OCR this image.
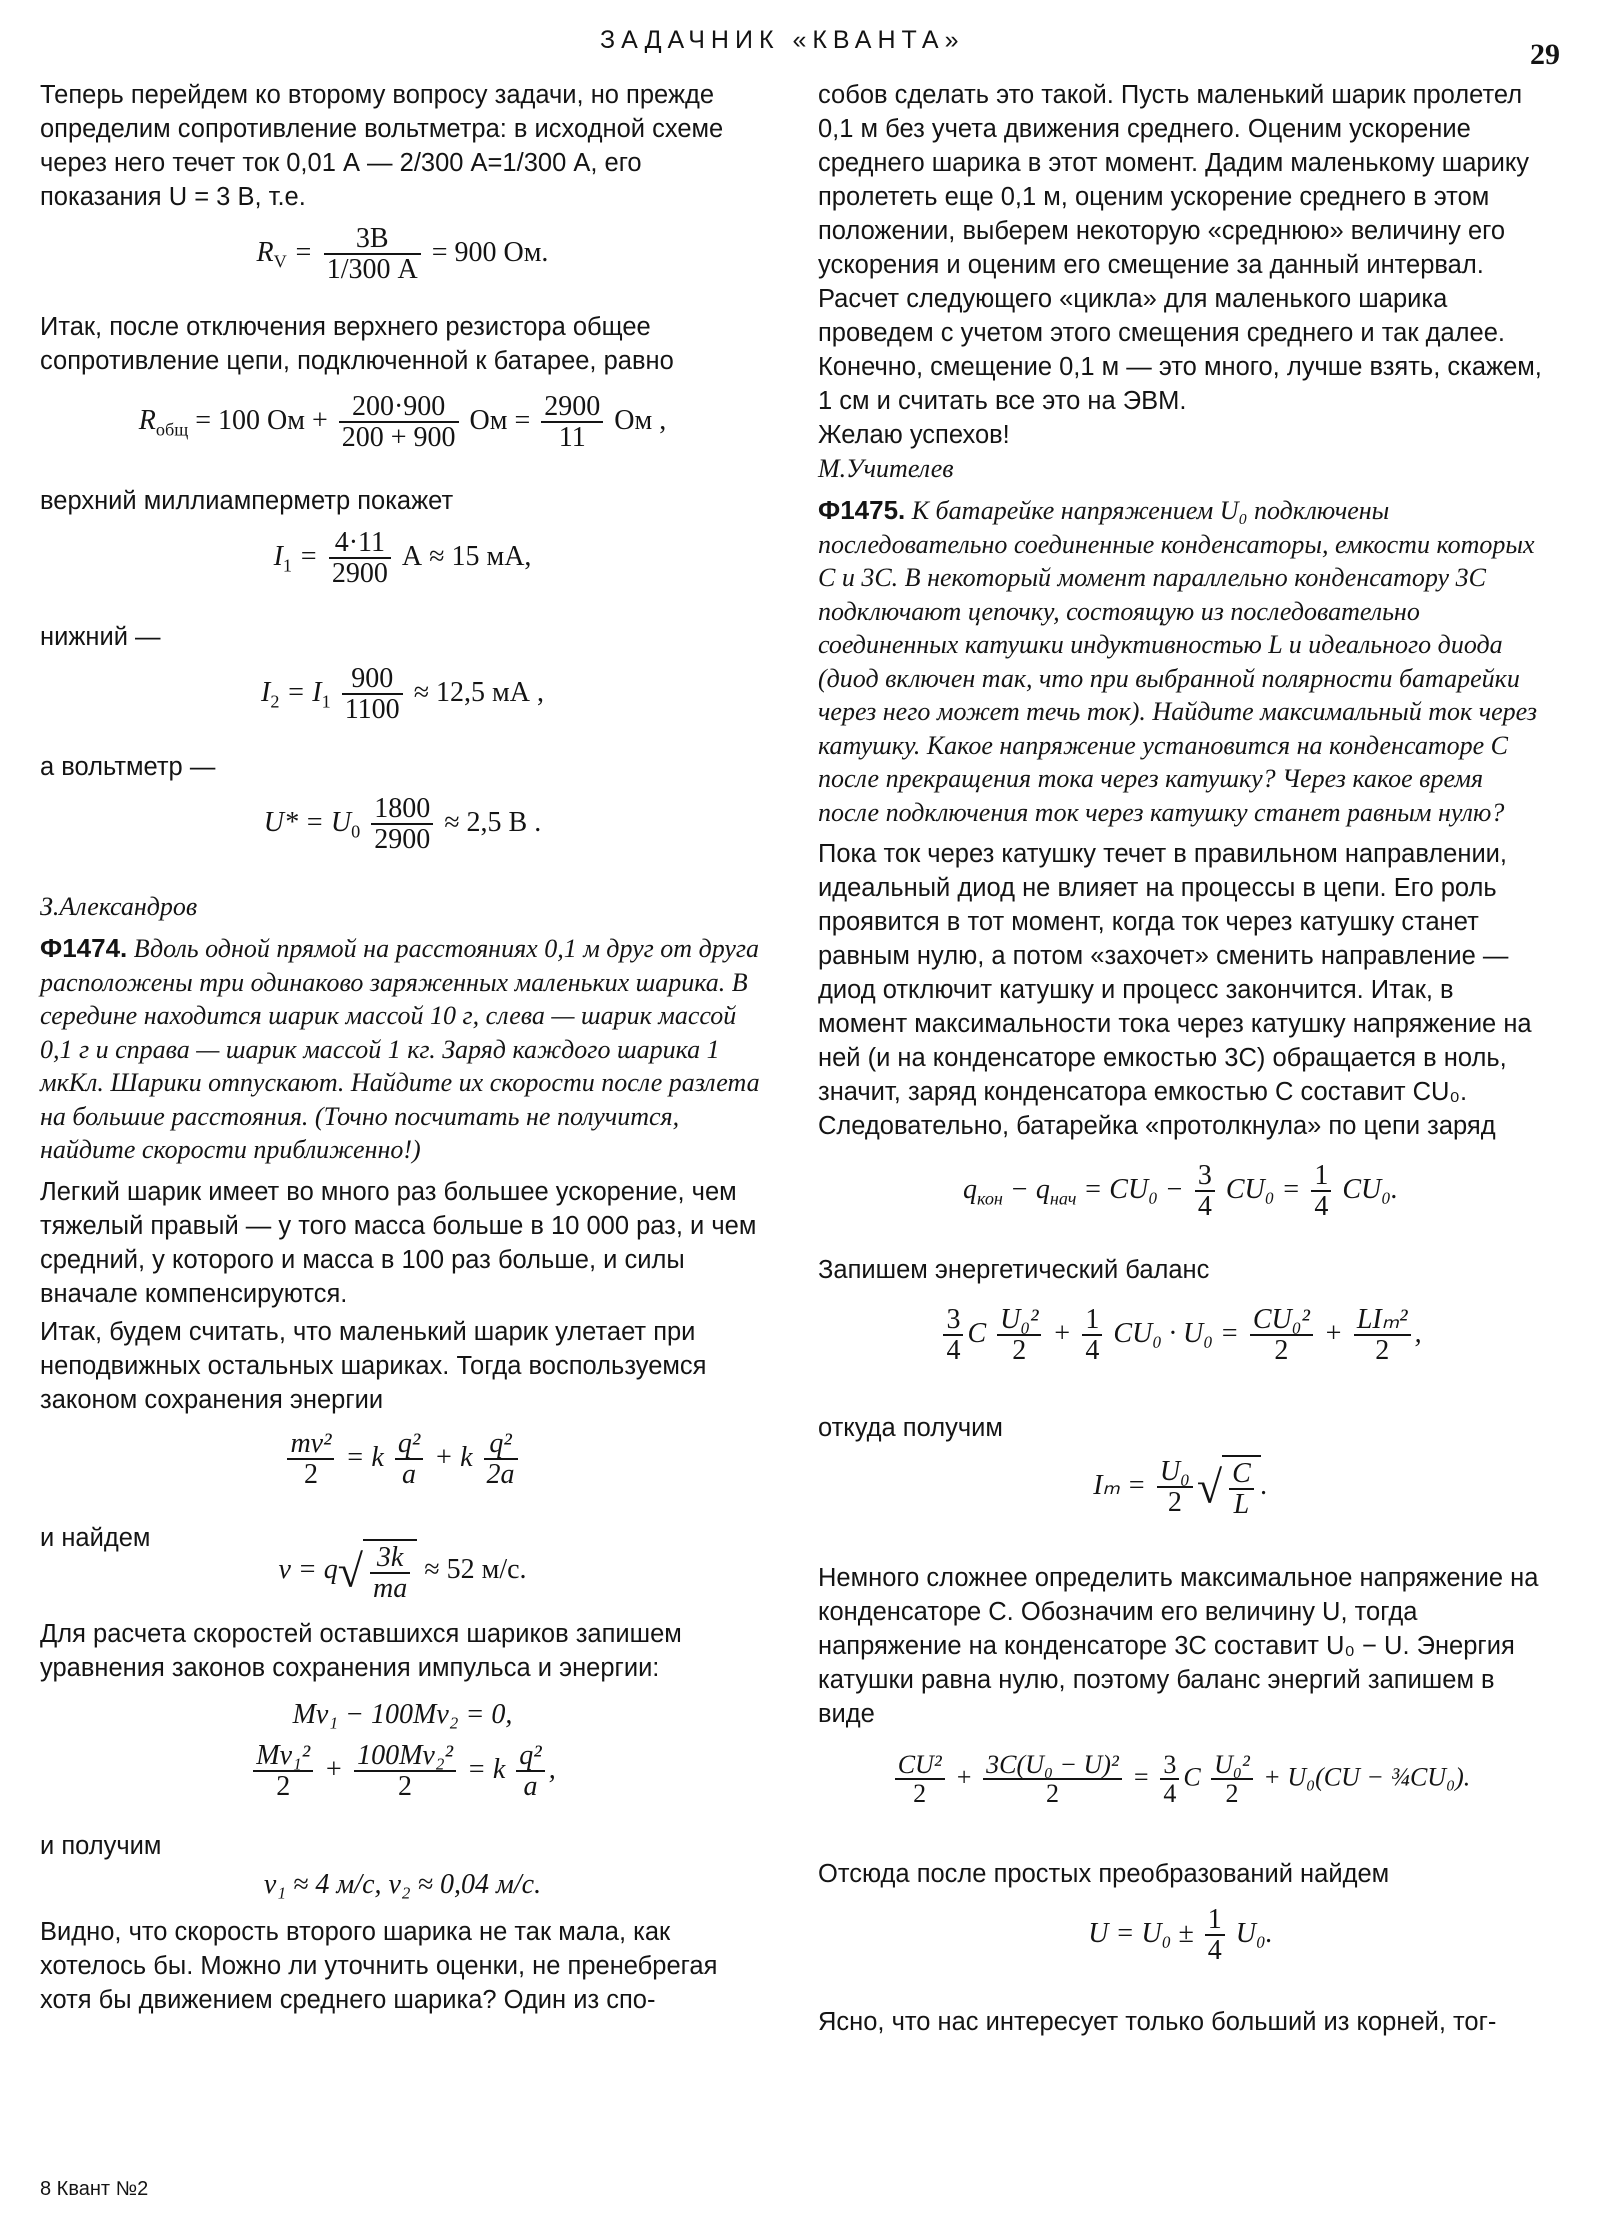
ЗАДАЧНИК «КВАНТА»	29

Теперь перейдем ко второму вопросу задачи, но прежде определим сопротивление вольтметра: в исходной схеме через него течет ток 0,01 А — 2/300 А=1/300 А, его показания U = 3 В, т.е.

$R_V = \frac{3В}{1/300 А} = 900$ Ом.

Итак, после отключения верхнего резистора общее сопротивление цепи, подключенной к батарее, равно

$R_{общ} = 100$ Ом + $\frac{200\cdot 900}{200 + 900}$ Ом = $\frac{2900}{11}$ Ом ,

верхний миллиамперметр покажет

$I_1 = \frac{4\cdot 11}{2900}$ А ≈ 15 мА,

нижний —

$I_2 = I_1 \frac{900}{1100} \approx 12,5$ мА ,

а вольтметр —

$U* = U_0 \frac{1800}{2900} \approx 2,5$ В .

З.Александров

Ф1474. Вдоль одной прямой на расстояниях 0,1 м друг от друга расположены три одинаково заряженных маленьких шарика. В середине находится шарик массой 10 г, слева — шарик массой 0,1 г и справа — шарик массой 1 кг. Заряд каждого шарика 1 мкКл. Шарики отпускают. Найдите их скорости после разлета на большие расстояния. (Точно посчитать не получится, найдите скорости приближенно!)

Легкий шарик имеет во много раз большее ускорение, чем тяжелый правый — у того масса больше в 10 000 раз, и чем средний, у которого и масса в 100 раз больше, и силы вначале компенсируются.

Итак, будем считать, что маленький шарик улетает при неподвижных остальных шариках. Тогда воспользуемся законом сохранения энергии

$\frac{\text{mv²}}{2} = k \frac{\text{q²}}{a} + k \frac{\text{q²}}{2a}$

и найдем

$v = q√ \frac{3k}{ma} \approx 52$ м/с.

Для расчета скоростей оставшихся шариков запишем уравнения законов сохранения импульса и энергии:

Mv₁ − 100Mv₂ = 0,
$\frac{\text{Mv₁²}}{2} + \frac{\text{100Mv₂²}}{2} = k \frac{\text{q²}}{a}$ ,

и получим

v₁ ≈ 4 м/с, v₂ ≈ 0,04 м/с.

Видно, что скорость второго шарика не так мала, как хотелось бы. Можно ли уточнить оценки, не пренебрегая хотя бы движением среднего шарика? Один из спо-

собов сделать это такой. Пусть маленький шарик пролетел 0,1 м без учета движения среднего. Оценим ускорение среднего шарика в этот момент. Дадим маленькому шарику пролететь еще 0,1 м, оценим ускорение среднего в этом положении, выберем некоторую «среднюю» величину его ускорения и оценим его смещение за данный интервал. Расчет следующего «цикла» для маленького шарика проведем с учетом этого смещения среднего и так далее. Конечно, смещение 0,1 м — это много, лучше взять, скажем, 1 см и считать все это на ЭВМ.

Желаю успехов!

М.Учителев

Ф1475. К батарейке напряжением U₀ подключены последовательно соединенные конденсаторы, емкости которых C и 3C. В некоторый момент параллельно конденсатору 3C подключают цепочку, состоящую из последовательно соединенных катушки индуктивностью L и идеального диода (диод включен так, что при выбранной полярности батарейки через него может течь ток). Найдите максимальный ток через катушку. Какое напряжение установится на конденсаторе C после прекращения тока через катушку? Через какое время после подключения ток через катушку станет равным нулю?

Пока ток через катушку течет в правильном направлении, идеальный диод не влияет на процессы в цепи. Его роль проявится в тот момент, когда ток через катушку станет равным нулю, а потом «захочет» сменить направление — диод отключит катушку и процесс закончится. Итак, в момент максимальности тока через катушку напряжение на ней (и на конденсаторе емкостью 3C) обращается в ноль, значит, заряд конденсатора емкостью C составит CU₀. Следовательно, батарейка «протолкнула» по цепи заряд

$q_{кон} - q_{нач} = CU_0 - \frac{3}{4} CU_0 = \frac{1}{4} CU_0$.

Запишем энергетический баланс

$\frac{3}{4}$ C $\frac{\text{U₀²}}{2} + \frac{1}{4} CU_0 \cdot U_0 = \frac{\text{CU₀²}}{2} + \frac{\text{LIₘ²}}{2}$ ,

откуда получим

$I_m = \frac{\text{U₀}}{2}$ √ $\frac{C}{L}$ .

Немного сложнее определить максимальное напряжение на конденсаторе C. Обозначим его величину U, тогда напряжение на конденсаторе 3C составит U₀ − U. Энергия катушки равна нулю, поэтому баланс энергий запишем в виде

$\frac{\text{CU²}}{2} + \frac{\text{3C(U₀ − U)²}}{2} = \frac{3}{4}$ C $\frac{\text{U₀²}}{2} + U_0(CU$ − ¾CU₀).

Отсюда после простых преобразований найдем

$U = U_0 \pm \frac{1}{4} U_0$.

Ясно, что нас интересует только больший из корней, тог-

8 Квант №2
